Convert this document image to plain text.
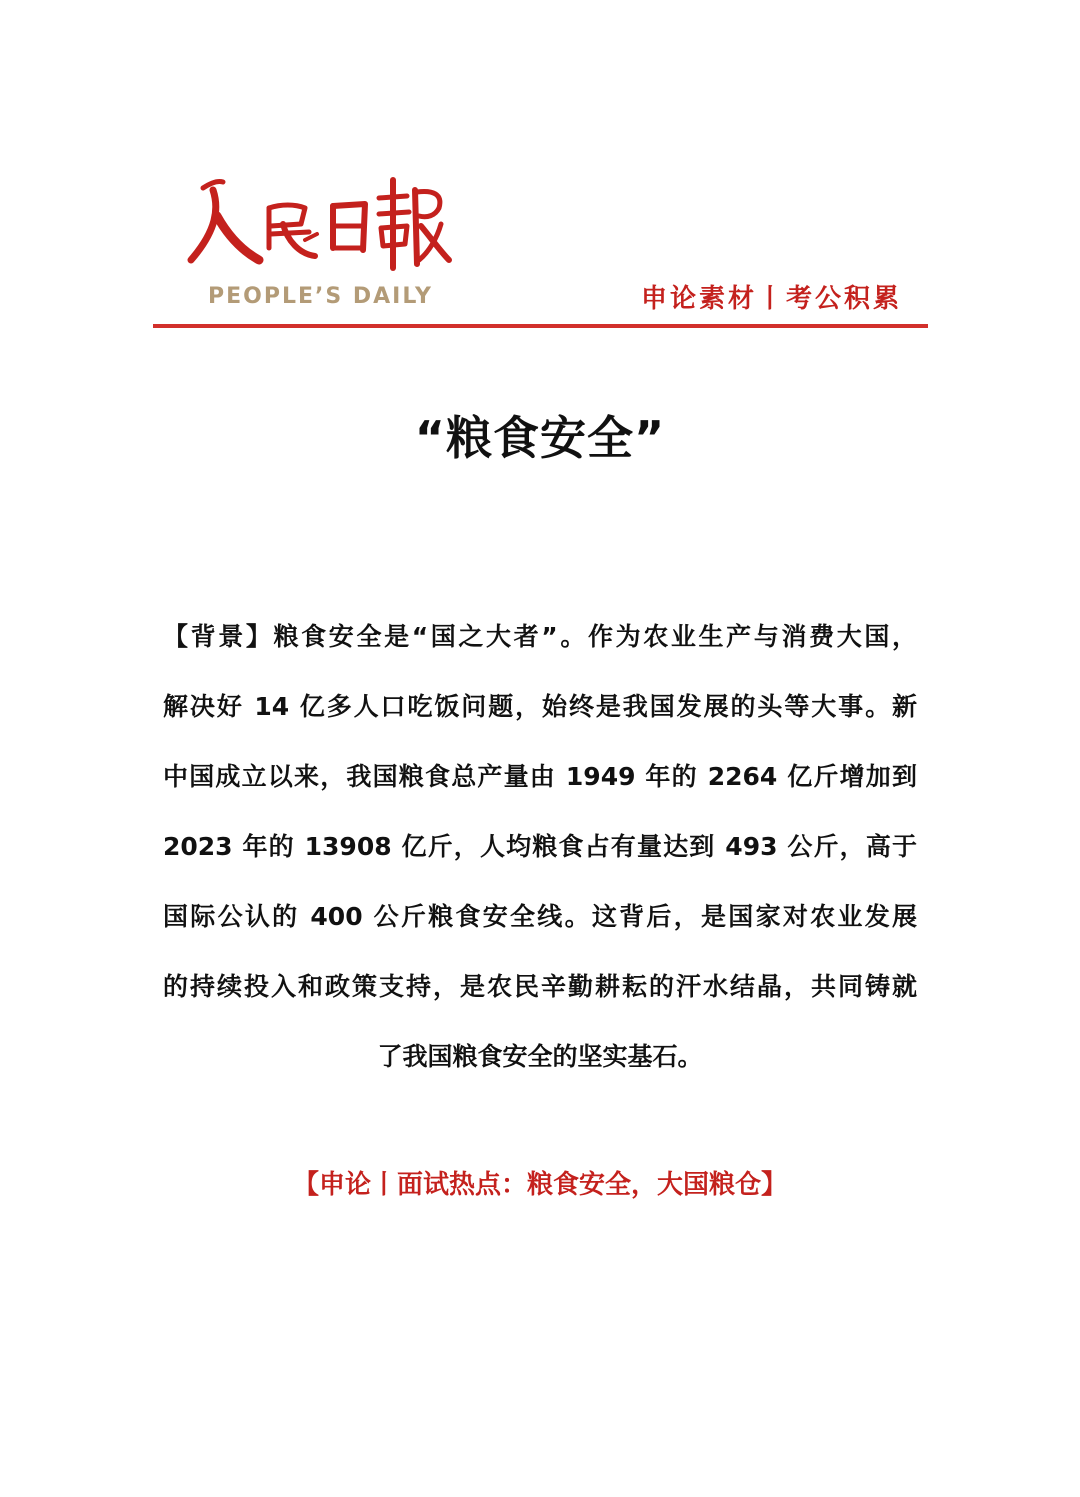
PEOPLE’S DAILY	申论素材丨考公积累
“粮食安全”
【背景】粮食安全是“国之大者”。作为农业生产与消费大国，
解决好 14 亿多人口吃饭问题，始终是我国发展的头等大事。新
中国成立以来，我国粮食总产量由 1949 年的 2264 亿斤增加到
2023 年的 13908 亿斤，人均粮食占有量达到 493 公斤，高于
国际公认的 400 公斤粮食安全线。这背后，是国家对农业发展
的持续投入和政策支持，是农民辛勤耕耘的汗水结晶，共同铸就
了我国粮食安全的坚实基石。
【申论丨面试热点：粮食安全，大国粮仓】
